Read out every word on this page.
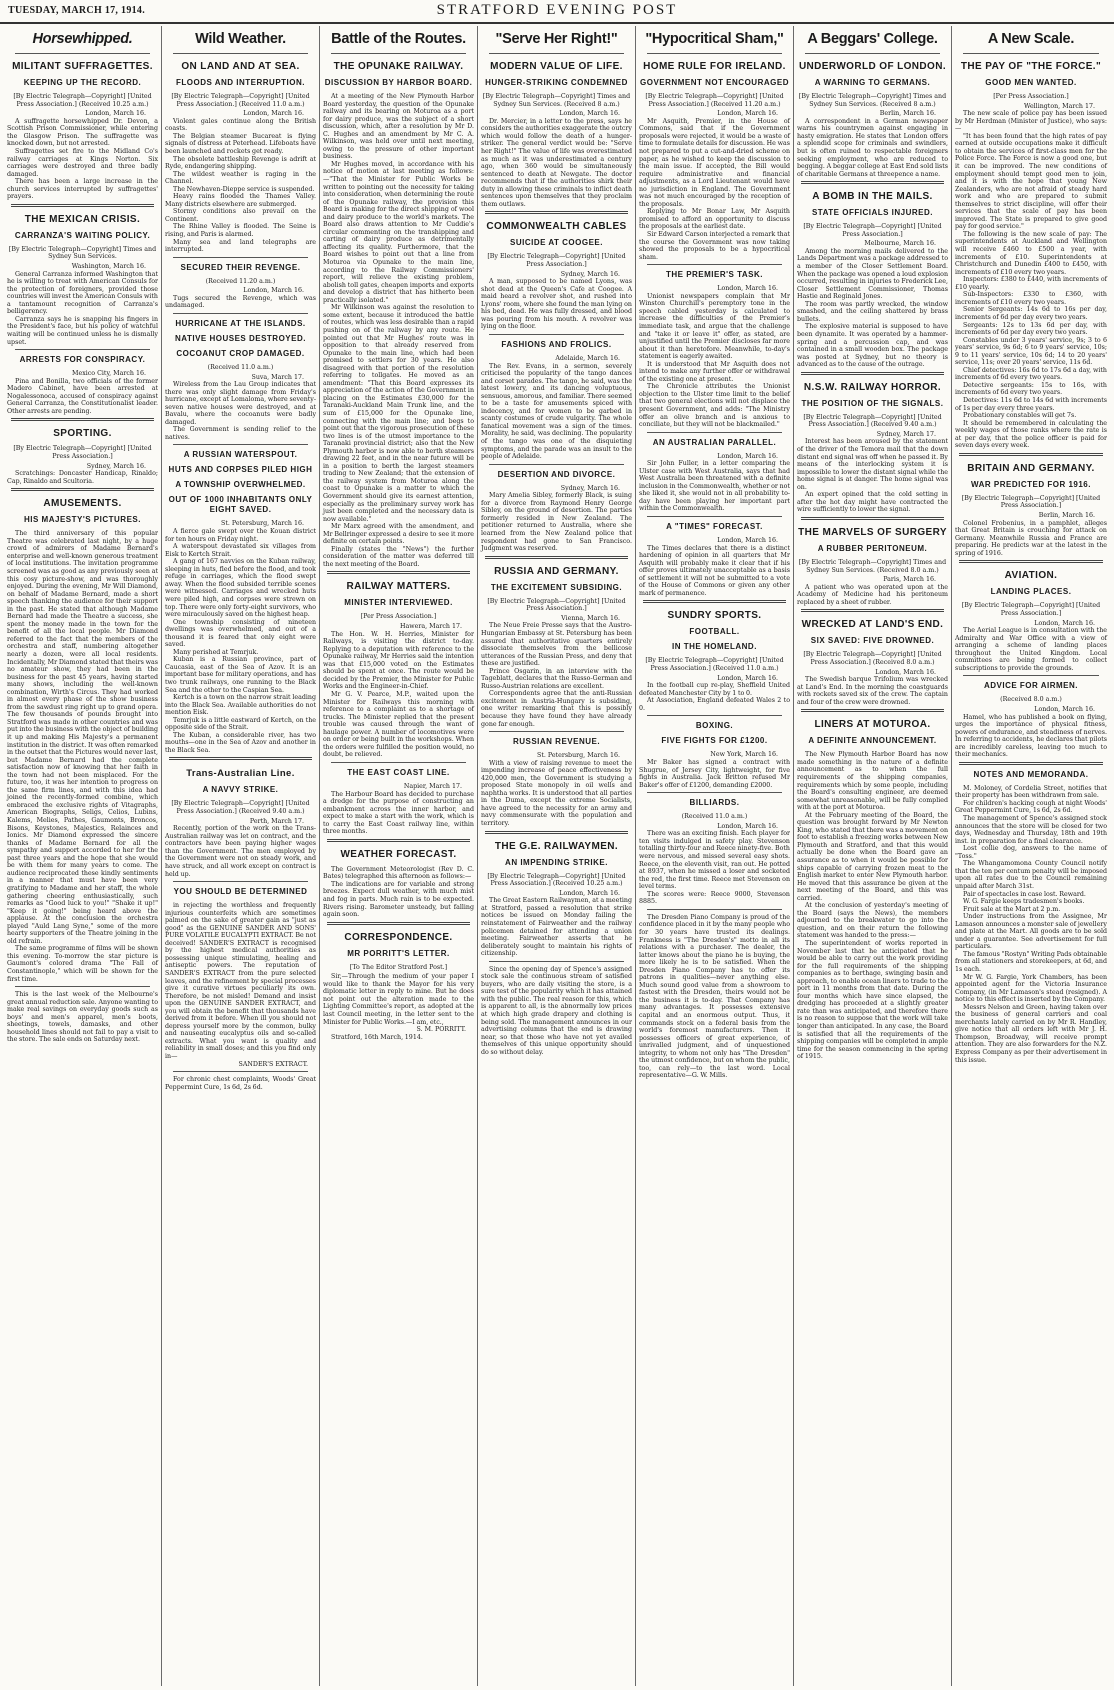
TUESDAY, MARCH 17, 1914.	STRATFORD EVENING POST
Horsewhipped.
MILITANT SUFFRAGETTES.
KEEPING UP THE RECORD.
[By Electric Telegraph—Copyright] [United Press Association.] (Received 10.25 a.m.)
London, March 16.

A suffragette horsewhipped Dr. Devon, a Scottish Prison Commissioner, while entering the Glasgow Prison. The suffragette was knocked down, but not arrested.

Suffragettes set fire to the Midland Co's railway carriages at Kings Norton. Six carriages were destroyed and three badly damaged.

There has been a large increase in the church services interrupted by suffragettes' prayers.

THE MEXICAN CRISIS.
CARRANZA'S WAITING POLICY.
[By Electric Telegraph—Copyright] Times and Sydney Sun Services.
Washington, March 16.

General Carranza informed Washington that he is willing to treat with American Consuls for the protection of foreigners, provided those countries will invest the American Consuls with a tantamount recognition of Carranza's belligerency.

Carranza says he is snapping his fingers in the President's face, but his policy of watchful waiting will be continued unless he is dismally upset.

ARRESTS FOR CONSPIRACY.
Mexico City, March 16.

Pina and Bonilla, two officials of the former Madero Cabinet, have been arrested at Nogalessonoca, accused of conspiracy against General Carranza, the Constitutionalist leader. Other arrests are pending.

SPORTING.
[By Electric Telegraph—Copyright] [United Press Association.]
Sydney, March 16.

Scratchings: Doncaster Handicap, Rinaldo; Cap, Rinaldo and Scultoria.

AMUSEMENTS.
HIS MAJESTY'S PICTURES.

The third anniversary of this popular Theatre was celebrated last night, by a huge crowd of admirers of Madame Bernard's enterprise and well-known generous treatment of local institutions. The invitation programme screened was as good as any previously seen at this cosy picture-show, and was thoroughly enjoyed. During the evening, Mr Will Diamond, on behalf of Madame Bernard, made a short speech thanking the audience for their support in the past. He stated that although Madame Bernard had made the Theatre a success, she spent the money made in the town for the benefit of all the local people. Mr Diamond referred to the fact that the members of the orchestra and staff, numbering altogether nearly a dozen, were all local residents. Incidentally, Mr Diamond stated that theirs was no amateur show, they had been in the business for the past 45 years, having started many shows, including the well-known combination, Wirth's Circus. They had worked in almost every phase of the show business from the sawdust ring right up to grand opera. The few thousands of pounds brought into Stratford was made in other countries and was put into the business with the object of building it up and making His Majesty's a permanent institution in the district. It was often remarked in the outset that the Pictures would never last, but Madame Bernard had the complete satisfaction now of knowing that her faith in the town had not been misplaced. For the future, too, it was her intention to progress on the same firm lines, and with this idea had joined the recently-formed combine, which embraced the exclusive rights of Vitagraphs, American Biographs, Seligs, Celios, Lubins, Kalems, Melies, Pathes, Gaumonts, Broncos, Bisons, Keystones, Majestics, Relainces and Ionics. Mr Diamond expressed the sincere thanks of Madame Bernard for all the sympathy and support accorded to her for the past three years and the hope that she would be with them for many years to come. The audience reciprocated these kindly sentiments in a manner that must have been very gratifying to Madame and her staff, the whole gathering cheering enthusiastically, such remarks as "Good luck to you!" "Shake it up!" "Keep it going!" being heard above the applause. At the conclusion the orchestra played "Auld Lang Syne," some of the more hearty supporters of the Theatre joining in the old refrain.

The same programme of films will be shown this evening. To-morrow the star picture is Gaumont's colored drama "The Fall of Constantinople," which will be shown for the first time.

This is the last week of the Melbourne's great annual reduction sale. Anyone wanting to make real savings on everyday goods such as boys' and men's apparel, men's boots, sheetings, towels, damasks, and other household lines should not fail to pay a visit to the store. The sale ends on Saturday next.

Wild Weather.
ON LAND AND AT SEA.
FLOODS AND INTERRUPTION.
[By Electric Telegraph—Copyright] [United Press Association.] (Received 11.0 a.m.)
London, March 16.

Violent gales continue along the British coasts.

The Belgian steamer Bucareat is flying signals of distress at Peterhead. Lifeboats have been launched and rockets get ready.

The obsolete battleship Revenge is adrift at Ryde, endangering shipping.

The wildest weather is raging in the Channel.

The Newhaven-Dieppe service is suspended.

Heavy rains flooded the Thames Valley. Many districts elsewhere are submerged.

Stormy conditions also prevail on the Continent.

The Rhine Valley is flooded. The Seine is rising, and Paris is alarmed.

Many sea and land telegraphs are interrupted.

SECURED THEIR REVENGE.
(Received 11.20 a.m.)
London, March 16.

Tugs secured the Revenge, which was undamaged.

HURRICANE AT THE ISLANDS.
NATIVE HOUSES DESTROYED.
COCOANUT CROP DAMAGED.
(Received 11.0 a.m.)
Suva, March 17.

Wireless from the Lau Group indicates that there was only slight damage from Friday's hurricane, except at Lomaloma, where seventy-seven native houses were destroyed, and at Bavalu, where the cocoanuts were badly damaged.

The Government is sending relief to the natives.

A RUSSIAN WATERSPOUT.
HUTS AND CORPSES PILED HIGH
A TOWNSHIP OVERWHELMED.
OUT OF 1000 INHABITANTS ONLY EIGHT SAVED.
St. Petersburg, March 16.

A fierce gale swept over the Kouan district for ten hours on Friday night.

A waterspout devastated six villages from Eisk to Kertch Strait.

A gang of 167 navvies on the Kuban railway, sleeping in huts, fled before the flood, and took refuge in carriages, which the flood swept away. When the flood subsided terrible scenes were witnessed. Carriages and wrecked huts were piled high, and corpses were strewn on top. There were only forty-eight survivors, who were miraculously saved on the highest heap.

One township consisting of nineteen dwellings was overwhelmed, and out of a thousand it is feared that only eight were saved.

Many perished at Temrjuk.

Kuban is a Russian province, part of Caucasia, east of the Sea of Azov. It is an important base for military operations, and has two trunk railways, one running to the Black Sea and the other to the Caspian Sea.

Kertch is a town on the narrow strait leading into the Black Sea. Available authorities do not mention Eisk.

Temrjuk is a little eastward of Kertch, on the opposite side of the Strait.

The Kuban, a considerable river, has two mouths—one in the Sea of Azov and another in the Black Sea.

Trans-Australian Line.
A NAVVY STRIKE.
[By Electric Telegraph—Copyright] [United Press Association.] (Received 9.40 a.m.)
Perth, March 17.

Recently, portion of the work on the Trans-Australian railway was let on contract, and the contractors have been paying higher wages than the Government. The men employed by the Government were not on steady work, and have struck, and all work except on contract is held up.

YOU SHOULD BE DETERMINED

in rejecting the worthless and frequently injurious counterfeits which are sometimes palmed on the sake of greater gain as "just as good" as the GENUINE SANDER AND SONS' PURE VOLATILE EUCALYPTI EXTRACT. Be not deceived! SANDER'S EXTRACT is recognised by the highest medical authorities as possessing unique stimulating, healing and antiseptic powers. The reputation of SANDER'S EXTRACT from the pure selected leaves, and the refinement by special processes give it curative virtues peculiarly its own. Therefore, be not misled! Demand and insist upon the GENUINE SANDER EXTRACT, and you will obtain the benefit that thousands have derived from it before. When ill you should not depress yourself more by the common, bulky and nauseating eucalyptus oils and so-called extracts. What you want is quality and reliability in small doses; and this you find only in—

SANDER'S EXTRACT.

For chronic chest complaints, Woods' Great Peppermint Cure, 1s 6d, 2s 6d.

Battle of the Routes.
THE OPUNAKE RAILWAY.
DISCUSSION BY HARBOR BOARD.

At a meeting of the New Plymouth Harbor Board yesterday, the question of the Opunake railway and its bearing on Moturoa as a port for dairy produce, was the subject of a short discussion, which, after a resolution by Mr D. C. Hughes and an amendment by Mr C. A. Wilkinson, was held over until next meeting, owing to the pressure of other important business.

Mr Hughes moved, in accordance with his notice of motion at last meeting as follows:—"That the Minister for Public Works be written to pointing out the necessity for taking into consideration, when determining the route of the Opunake railway, the provision this Board is making for the direct shipping of wool and dairy produce to the world's markets. The Board also draws attention to Mr Cuddie's circular commenting on the transhipping and carting of dairy produce as detrimentally affecting its quality. Furthermore, that the Board wishes to point out that a line from Moturoa via Opunake to the main line, according to the Railway Commissioners' report, will relieve the existing problem, abolish toll gates, cheapen imports and exports and develop a district that has hitherto been practically isolated."

Mr Wilkinson was against the resolution to some extent, because it introduced the battle of routes, which was less desirable than a rapid pushing on of the railway by any route. He pointed out that Mr Hughes' route was in opposition to that already reserved from Opunake to the main line, which had been promised to settlers for 30 years. He also disagreed with that portion of the resolution referring to tollgates. He moved as an amendment: "That this Board expresses its appreciation of the action of the Government in placing on the Estimates £30,000 for the Taranaki-Auckland Main Trunk line, and the sum of £15,000 for the Opunake line, connecting with the main line; and begs to point out that the vigorous prosecution of these two lines is of the utmost importance to the Taranaki provincial district; also that the New Plymouth harbor is now able to berth steamers drawing 22 feet, and in the near future will be in a position to berth the largest steamers trading to New Zealand; that the extension of the railway system from Moturoa along the coast to Opunake is a matter to which the Government should give its earnest attention, especially as the preliminary survey work has just been completed and the necessary data is now available."

Mr Marx agreed with the amendment, and Mr Bellringer expressed a desire to see it more definite on certain points.

Finally (states the "News") the further consideration of the matter was deferred till the next meeting of the Board.

RAILWAY MATTERS.
MINISTER INTERVIEWED.
[Per Press Association.]
Hawera, March 17.

The Hon. W. H. Herries, Minister for Railways, is visiting the district to-day. Replying to a deputation with reference to the Opunake railway, Mr Herries said the intention was that £15,000 voted on the Estimates should be spent at once. The route would be decided by the Premier, the Minister for Public Works and the Engineer-in-Chief.

Mr G. V. Pearce, M.P., waited upon the Minister for Railways this morning with reference to a complaint as to a shortage of trucks. The Minister replied that the present trouble was caused through the want of haulage power. A number of locomotives were on order or being built in the workshops. When the orders were fulfilled the position would, no doubt, be relieved.

THE EAST COAST LINE.
Napier, March 17.

The Harbour Board has decided to purchase a dredge for the purpose of constructing an embankment across the inner harbor, and expect to make a start with the work, which is to carry the East Coast railway line, within three months.

WEATHER FORECAST.

The Government Meteorologist (Rev D. C. Bates) telegraphed this afternoon as follows:—

The indications are for variable and strong breezes. Expect dull weather, with much mist and fog in parts. Much rain is to be expected. Rivers rising. Barometer unsteady, but falling again soon.

CORRESPONDENCE.
MR PORRITT'S LETTER.
[To The Editor Stratford Post.]

Sir,—Through the medium of your paper I would like to thank the Mayor for his very diplomatic letter in reply to mine. But he does not point out the alteration made to the Lighting Committee's report, as adopted at the last Council meeting, in the letter sent to the Minister for Public Works.—I am, etc.,

S. M. PORRITT.

Stratford, 16th March, 1914.

"Serve Her Right!"
MODERN VALUE OF LIFE.
HUNGER-STRIKING CONDEMNED
[By Electric Telegraph—Copyright] Times and Sydney Sun Services. (Received 8 a.m.)
London, March 16.

Dr. Mercier, in a letter to the press, says he considers the authorities exaggerate the outcry which would follow the death of a hunger-striker. The general verdict would be: "Serve her Right!" The value of life was overestimated as much as it was underestimated a century ago, when 360 would be simultaneously sentenced to death at Newgate. The doctor recommends that if the authorities shirk their duty in allowing these criminals to inflict death sentences upon themselves that they proclaim them outlaws.

COMMONWEALTH CABLES
SUICIDE AT COOGEE.
[By Electric Telegraph—Copyright] [United Press Association.]
Sydney, March 16.

A man, supposed to be named Lyons, was shot dead at the Queen's Cafe at Coogee. A maid heard a revolver shot, and rushed into Lyons' room, where she found the man lying on his bed, dead. He was fully dressed, and blood was pouring from his mouth. A revolver was lying on the floor.

FASHIONS AND FROLICS.
Adelaide, March 16.

The Rev. Evans, in a sermon, severely criticised the popularity of the tango dances and corset parades. The tango, he said, was the latest lowery, and its dancing voluptuous, sensuous, amorous, and familiar. There seemed to be a taste for amusements spiced with indecency, and for women to be garbed in scanty costumes of crude vulgarity. The whole fanatical movement was a sign of the times. Morality, he said, was declining. The popularity of the tango was one of the disquieting symptoms, and the parade was an insult to the people of Adelaide.

DESERTION AND DIVORCE.
Sydney, March 16.

Mary Amelia Sibley, formerly Black, is suing for a divorce from Raymond Henry George Sibley, on the ground of desertion. The parties formerly resided in New Zealand. The petitioner returned to Australia, where she learned from the New Zealand police that respondent had gone to San Francisco. Judgment was reserved.

RUSSIA AND GERMANY.
THE EXCITEMENT SUBSIDING.
[By Electric Telegraph—Copyright] [United Press Association.]
Vienna, March 16.

The Neue Freie Presse says that the Austro-Hungarian Embassy at St. Petersburg has been assured that authoritative quarters entirely dissociate themselves from the bellicose utterances of the Russian Press, and deny that these are justified.

Prince Osgarin, in an interview with the Tageblatt, declares that the Russo-German and Russo-Austrian relations are excellent.

Correspondents agree that the anti-Russian excitement in Austria-Hungary is subsiding, one writer remarking that this is possibly because they have found they have already gone far enough.

RUSSIAN REVENUE.
St. Petersburg, March 16.

With a view of raising revenue to meet the impending increase of peace effectiveness by 420,000 men, the Government is studying a proposed State monopoly in oil wells and naphtha works. It is understood that all parties in the Duma, except the extreme Socialists, have agreed to the necessity for an army and navy commensurate with the population and territory.

THE G.E. RAILWAYMEN.
AN IMPENDING STRIKE.
[By Electric Telegraph—Copyright] [United Press Association.] (Received 10.25 a.m.)
London, March 16.

The Great Eastern Railwaymen, at a meeting at Stratford, passed a resolution that strike notices be issued on Monday failing the reinstatement of Fairweather and the railway policemen detained for attending a union meeting. Fairweather asserts that he deliberately sought to maintain his rights of citizenship.

Since the opening day of Spence's assigned stock sale the continuous stream of satisfied buyers, who are daily visiting the store, is a sure test of the popularity which it has attained with the public. The real reason for this, which is apparent to all, is the abnormally low prices at which high grade drapery and clothing is being sold. The management announces in our advertising columns that the end is drawing near, so that those who have not yet availed themselves of this unique opportunity should do so without delay.

"Hypocritical Sham,"
HOME RULE FOR IRELAND.
GOVERNMENT NOT ENCOURAGED
[By Electric Telegraph—Copyright] [United Press Association.] (Received 11.20 a.m.)
London, March 16.

Mr Asquith, Premier, in the House of Commons, said that if the Government proposals were rejected, it would be a waste of time to formulate details for discussion. He was not prepared to put a cut-and-dried scheme on paper, as he wished to keep the discussion to the main issue. If accepted, the Bill would require administrative and financial adjustments, as a Lord Lieutenant would have no jurisdiction in England. The Government was not much encouraged by the reception of the proposals.

Replying to Mr Bonar Law, Mr Asquith promised to afford an opportunity to discuss the proposals at the earliest date.

Sir Edward Carson interjected a remark that the course the Government was now taking showed the proposals to be a hypocritical sham.

THE PREMIER'S TASK.
London, March 16.

Unionist newspapers complain that Mr Winston Churchill's peremptory tone in the speech cabled yesterday is calculated to increase the difficulties of the Premier's immediate task, and argue that the challenge and "take it or leave it" offer, as stated, are unjustified until the Premier discloses far more about it than heretofore. Meanwhile, to-day's statement is eagerly awaited.

It is understood that Mr Asquith does not intend to make any further offer or withdrawal of the existing one at present.

The Chronicle attributes the Unionist objection to the Ulster time limit to the belief that two general elections will not displace the present Government, and adds: "The Ministry offer an olive branch and is anxious to conciliate, but they will not be blackmailed."

AN AUSTRALIAN PARALLEL.
London, March 16.

Sir John Fuller, in a letter comparing the Ulster case with West Australia, says that had West Australia been threatened with a definite inclusion in the Commonwealth, whether or not she liked it, she would not in all probability to-day have been playing her important part within the Commonwealth.

A "TIMES" FORECAST.
London, March 16.

The Times declares that there is a distinct hardening of opinion in all quarters that Mr Asquith will probably make it clear that if his offer proves ultimately unacceptable as a basis of settlement it will not be submitted to a vote of the House of Commons or given any other mark of permanence.

SUNDRY SPORTS.
FOOTBALL.
IN THE HOMELAND.
[By Electric Telegraph—Copyright] [United Press Association.] (Received 11.0 a.m.)
London, March 16.

In the football cup re-play, Sheffield United defeated Manchester City by 1 to 0.

At Association, England defeated Wales 2 to 0.

BOXING.
FIVE FIGHTS FOR £1200.
New York, March 16.

Mr Baker has signed a contract with Shugrue, of Jersey City, lightweight, for five fights in Australia. Jack Britton refused Mr Baker's offer of £1200, demanding £2000.

BILLIARDS.
(Received 11.0 a.m.)
London, March 16.

There was an exciting finish. Each player for ten visits indulged in safety play. Stevenson totalling thirty-four and Reece ninety-five. Both were nervous, and missed several easy shots. Reece, on the eleventh visit, ran out. He potted at 8937, when he missed a loser and socketed the red, the first time. Reece met Stevenson on level terms.

The scores were: Reece 9000, Stevenson 8885.

The Dresden Piano Company is proud of the confidence placed in it by the many people who for 30 years have trusted its dealings. Frankness is "The Dresden's" motto in all its relations with a purchaser. The dealer, the latter knows about the piano he is buying, the more likely he is to be satisfied. When the Dresden Piano Company has to offer its patrons in qualities—never anything else. Much sound good value from a showroom to fastest with the Dresden, theirs would not be the business it is to-day. That Company has many advantages. It possesses extensive capital and an enormous output. Thus, it commands stock on a federal basis from the world's foremost manufacturers. Then it possesses officers of great experience, of unrivalled judgment, and of unquestioned integrity, to whom not only has "The Dresden" the utmost confidence, but on whom the public, too, can rely—to the last word. Local representative—G. W. Mills.

A Beggars' College.
UNDERWORLD OF LONDON.
A WARNING TO GERMANS.
[By Electric Telegraph—Copyright] Times and Sydney Sun Services. (Received 8 a.m.)
Berlin, March 16.

A correspondent in a German newspaper warns his countrymen against engaging in hasty emigration. He states that London offers a splendid scope for criminals and swindlers, but is often ruined to respectable foreigners seeking employment, who are reduced to begging. A beggar college at East End sold lists of charitable Germans at threepence a name.

A BOMB IN THE MAILS.
STATE OFFICIALS INJURED.
[By Electric Telegraph—Copyright] [United Press Association.]
Melbourne, March 16.

Among the morning mails delivered to the Lands Department was a package addressed to a member of the Closer Settlement Board. When the package was opened a loud explosion occurred, resulting in injuries to Frederick Lee, Closer Settlement Commissioner, Thomas Hastie and Reginald Jones.

The room was partly wrecked, the window smashed, and the ceiling shattered by brass bullets.

The explosive material is supposed to have been dynamite. It was operated by a hammer-spring and a percussion cap, and was contained in a small wooden box. The package was posted at Sydney, but no theory is advanced as to the cause of the outrage.

N.S.W. RAILWAY HORROR.
THE POSITION OF THE SIGNALS.
[By Electric Telegraph—Copyright] [United Press Association.] (Received 9.40 a.m.)
Sydney, March 17.

Interest has been aroused by the statement of the driver of the Temora mail that the down distant end signal was off when he passed it. By means of the interlocking system it is impossible to lower the distant signal while the home signal is at danger. The home signal was on.

An expert opined that the cold setting in after the hot day might have contracted the wire sufficiently to lower the signal.

THE MARVELS OF SURGERY
A RUBBER PERITONEUM.
[By Electric Telegraph—Copyright] Times and Sydney Sun Services. (Received 8.0 a.m.)
Paris, March 16.

A patient who was operated upon at the Academy of Medicine had his peritoneum replaced by a sheet of rubber.

WRECKED AT LAND'S END.
SIX SAVED: FIVE DROWNED.
[By Electric Telegraph—Copyright] [United Press Association.] (Received 8.0 a.m.)
London, March 16.

The Swedish barque Trifolium was wrecked at Land's End. In the morning the coastguards with rockets saved six of the crew. The captain and four of the crew were drowned.

LINERS AT MOTUROA.
A DEFINITE ANNOUNCEMENT.

The New Plymouth Harbor Board has now made something in the nature of a definite announcement as to when the full requirements of the shipping companies, requirements which by some people, including the Board's consulting engineer, are deemed somewhat unreasonable, will be fully complied with at the port at Moturoa.

At the February meeting of the Board, the question was brought forward by Mr Newton King, who stated that there was a movement on foot to establish a freezing works between New Plymouth and Stratford, and that this would actually be done when the Board gave an assurance as to when it would be possible for ships capable of carrying frozen meat to the English market to enter New Plymouth harbor. He moved that this assurance be given at the next meeting of the Board, and this was carried.

At the conclusion of yesterday's meeting of the Board (says the News), the members adjourned to the breakwater to go into the question, and on their return the following statement was handed to the press:—

The superintendent of works reported in November last that he anticipated that he would be able to carry out the work providing for the full requirements of the shipping companies as to berthage, swinging basin and approach, to enable ocean liners to trade to the port in 11 months from that date. During the four months which have since elapsed, the dredging has proceeded at a slightly greater rate than was anticipated, and therefore there is no reason to suppose that the work will take longer than anticipated. In any case, the Board is satisfied that all the requirements of the shipping companies will be completed in ample time for the season commencing in the spring of 1915.

A New Scale.
THE PAY OF "THE FORCE."
GOOD MEN WANTED.
[Per Press Association.]
Wellington, March 17.

The new scale of police pay has been issued by Mr Herdman (Minister of Justice), who says:—

"It has been found that the high rates of pay earned at outside occupations make it difficult to obtain the services of first-class men for the Police Force. The Force is now a good one, but it can be improved. The new conditions of employment should tempt good men to join, and it is with the hope that young New Zealanders, who are not afraid of steady hard work and who are prepared to submit themselves to strict discipline, will offer their services that the scale of pay has been improved. The State is prepared to give good pay for good service."

The following is the new scale of pay: The superintendents at Auckland and Wellington will receive £460 to £500 a year, with increments of £10. Superintendents at Christchurch and Dunedin £400 to £450, with increments of £10 every two years.

Inspectors: £380 to £440, with increments of £10 yearly.

Sub-Inspectors: £330 to £360, with increments of £10 every two years.

Senior Sergeants: 14s 6d to 16s per day, increments of 6d per day every two years.

Sergeants: 12s to 13s 6d per day, with increments of 6d per day every two years.

Constables under 3 years' service, 9s; 3 to 6 years' service, 9s 6d; 6 to 9 years' service, 10s; 9 to 11 years' service, 10s 6d; 14 to 20 years' service, 11s; over 20 years' service, 11s 6d.

Chief detectives: 16s 6d to 17s 6d a day, with increments of 6d every two years.

Detective sergeants: 15s to 16s, with increments of 6d every two years.

Detectives: 11s 6d to 14s 6d with increments of 1s per day every three years.

Probationary constables will get 7s.

It should be remembered in calculating the weekly wages of those ranks where the rate is at per day, that the police officer is paid for seven days every week.

BRITAIN AND GERMANY.
WAR PREDICTED FOR 1916.
[By Electric Telegraph—Copyright] [United Press Association.]
Berlin, March 16.

Colonel Frobenius, in a pamphlet, alleges that Great Britain is crouching for attack on Germany. Meanwhile Russia and France are preparing. He predicts war at the latest in the spring of 1916.

AVIATION.
LANDING PLACES.
[By Electric Telegraph—Copyright] [United Press Association.]
London, March 16.

The Aerial League is in consultation with the Admiralty and War Office with a view of arranging a scheme of landing places throughout the United Kingdom. Local committees are being formed to collect subscriptions to provide the grounds.

ADVICE FOR AIRMEN.
(Received 8.0 a.m.)
London, March 16.

Hamel, who has published a book on flying, urges the importance of physical fitness, powers of endurance, and steadiness of nerves. In referring to accidents, he declares that pilots are incredibly careless, leaving too much to their mechanics.

NOTES AND MEMORANDA.

M. Moloney, of Cordelia Street, notifies that their property has been withdrawn from sale.

For children's hacking cough at night Woods' Great Peppermint Cure, 1s 6d, 2s 6d.

The management of Spence's assigned stock announces that the store will be closed for two days, Wednesday and Thursday, 18th and 19th inst. in preparation for a final clearance.

Lost collie dog, answers to the name of "Toss."

The Whangamomona County Council notify that the ten per centum penalty will be imposed upon all rates due to the Council remaining unpaid after March 31st.

Pair of spectacles in case lost. Reward.

W. G. Fargie keeps tradesmen's books.

Fruit sale at the Mart at 2 p.m.

Under instructions from the Assignee, Mr Lamason announces a monster sale of jewellery and plate at the Mart. All goods are to be sold under a guarantee. See advertisement for full particulars.

The famous "Rostyn" Writing Pads obtainable from all stationers and storekeepers, at 6d, and 1s each.

Mr W. G. Fargie, York Chambers, has been appointed agent for the Victoria Insurance Company, (in Mr Lamason's stead (resigned). A notice to this effect is inserted by the Company.

Messrs Nelson and Green, having taken over the business of general carriers and coal merchants lately carried on by Mr R. Handley, give notice that all orders left with Mr J. H. Thompson, Broadway, will receive prompt attention. They are also forwarders for the N.Z. Express Company as per their advertisement in this issue.
